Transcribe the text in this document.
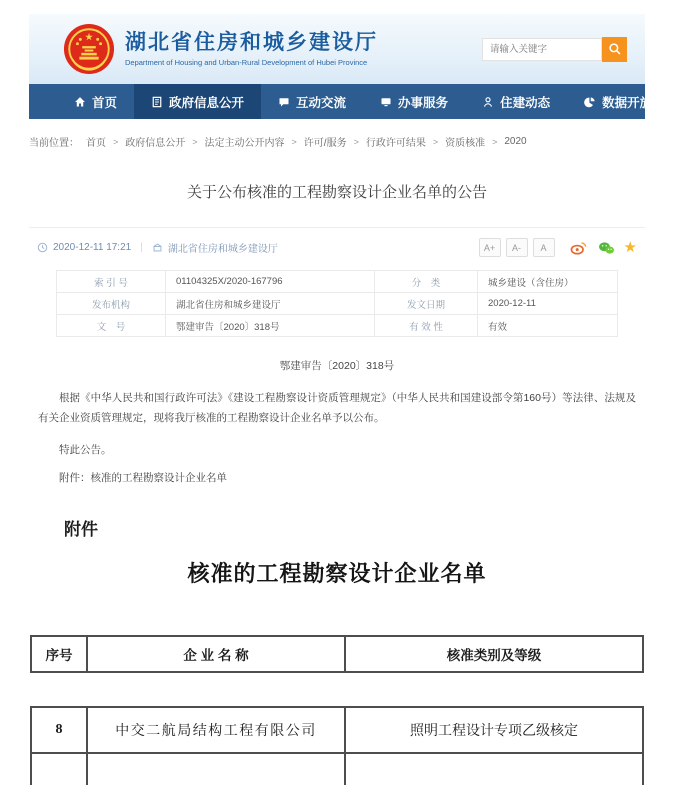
湖北省住房和城乡建设厅
Department of Housing and Urban-Rural Development of Hubei Province
请输入关键字
首页	政府信息公开	互动交流	办事服务	住建动态	数据开放
当前位置： 首页 > 政府信息公开 > 法定主动公开内容 > 许可/服务 > 行政许可结果 > 资质核准 > 2020
关于公布核准的工程勘察设计企业名单的公告
2020-12-11 17:21 |	湖北省住房和城乡建设厅	A+	A-	A	★
索 引 号	01104325X/2020-167796	分　类	城乡建设（含住房）
发布机构	湖北省住房和城乡建设厅	发文日期	2020-12-11
文　号	鄂建审告〔2020〕318号	有 效 性	有效
鄂建审告〔2020〕318号
根据《中华人民共和国行政许可法》《建设工程勘察设计资质管理规定》（中华人民共和国建设部令第160号）等法律、法规及有关企业资质管理规定，现将我厅核准的工程勘察设计企业名单予以公布。
特此公告。
附件：核准的工程勘察设计企业名单
附件
核准的工程勘察设计企业名单
序号	企 业 名 称	核准类别及等级
8	中交二航局结构工程有限公司	照明工程设计专项乙级核定
